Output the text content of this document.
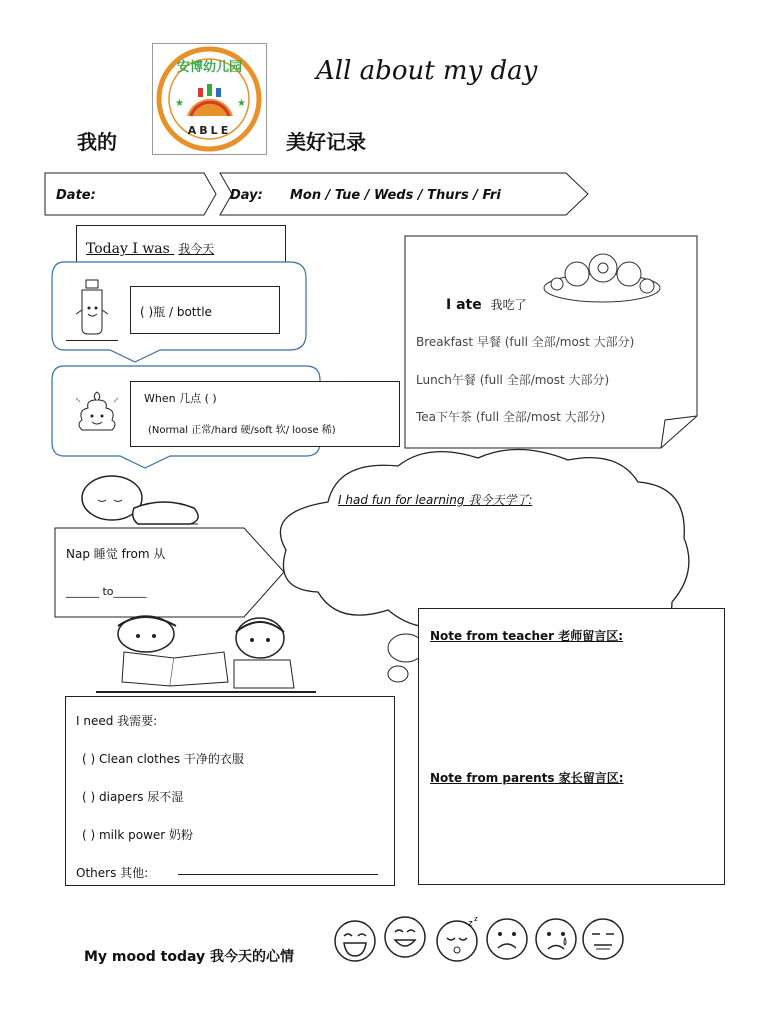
★	★
安博幼儿园
ABLE
All about my day
我的	美好记录
Date:	Day: Mon / Tue / Weds / Thurs / Fri
Today I was 我今天
( )瓶 / bottle
When 几点 ( )
(Normal 正常/hard 硬/soft 软/ loose 稀)
I ate 我吃了
Breakfast 早餐 (full 全部/most 大部分)
Lunch午餐 (full 全部/most 大部分)
Tea下午茶 (full 全部/most 大部分)
Nap 睡觉 from 从
______ to______
I had fun for learning 我今天学了:
I need 我需要:
( ) Clean clothes 干净的衣服
( ) diapers 尿不湿
( ) milk power 奶粉
Others 其他:
Note from teacher 老师留言区:
Note from parents 家长留言区:
My mood today 我今天的心情
z z
